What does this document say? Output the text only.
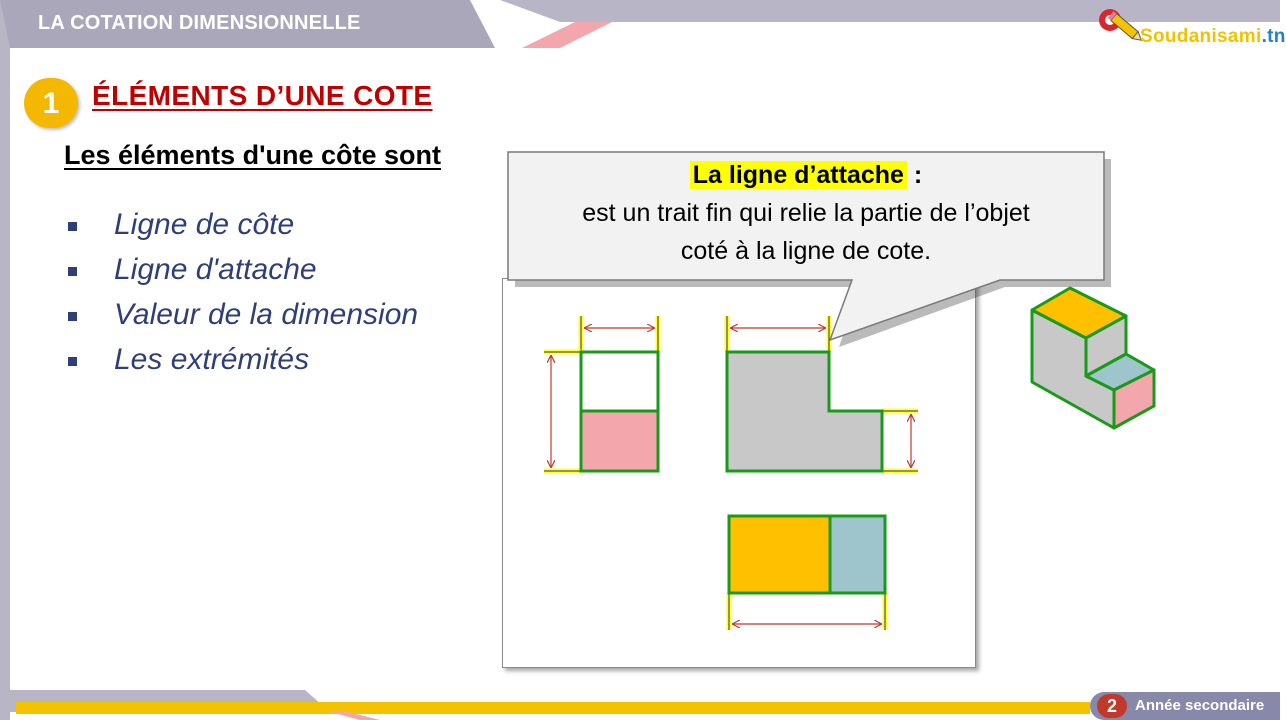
LA COTATION DIMENSIONNELLE
Soudanisami.tn
1	ÉLÉMENTS D’UNE COTE
Les éléments d'une côte sont
Ligne de côte
Ligne d'attache
Valeur de la dimension
Les extrémités
La ligne d’attache :
est un trait fin qui relie la partie de l’objet
coté à la ligne de cote.
2	Année secondaire
